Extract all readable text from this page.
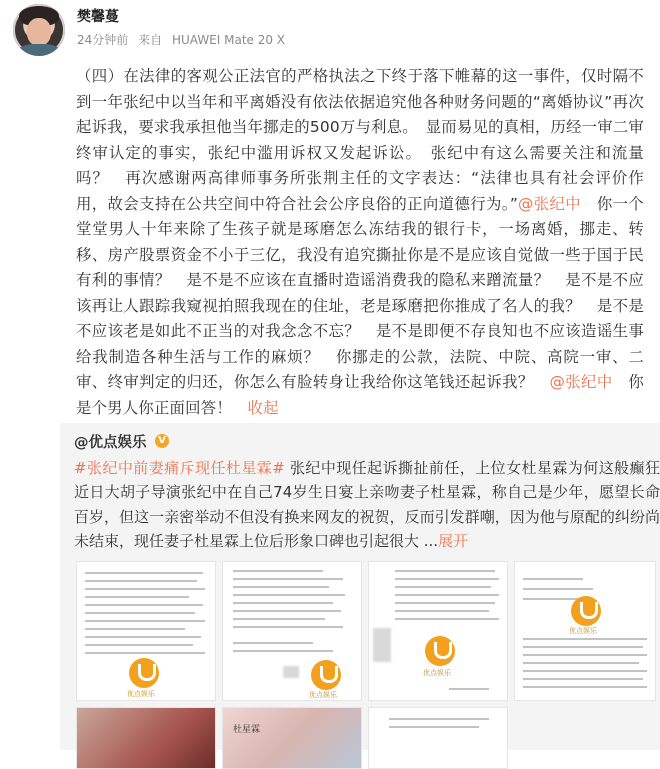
樊馨蔓
24分钟前 来自 HUAWEI Mate 20 X
（四）在法律的客观公正法官的严格执法之下终于落下帷幕的这一事件，仅时隔不到一年张纪中以当年和平离婚没有依法依据追究他各种财务问题的“离婚协议”再次起诉我，要求我承担他当年挪走的500万与利息。　显而易见的真相，历经一审二审终审认定的事实，张纪中滥用诉权又发起诉讼。　张纪中有这么需要关注和流量吗？　再次感谢两高律师事务所张荆主任的文字表达：“法律也具有社会评价作用，故会支持在公共空间中符合社会公序良俗的正向道德行为。”@张纪中　你一个堂堂男人十年来除了生孩子就是琢磨怎么冻结我的银行卡，一场离婚，挪走、转移、房产股票资金不小于三亿，我没有追究撕扯你是不是应该自觉做一些于国于民有利的事情？　是不是不应该在直播时造谣消费我的隐私来蹭流量？　是不是不应该再让人跟踪我窥视拍照我现在的住址，老是琢磨把你推成了名人的我？　是不是不应该老是如此不正当的对我念念不忘？　是不是即便不存良知也不应该造谣生事给我制造各种生活与工作的麻烦？　你挪走的公款，法院、中院、高院一审、二审、终审判定的归还，你怎么有脸转身让我给你这笔钱还起诉我？　 @张纪中　你是个男人你正面回答！　 收起
@优点娱乐	V
#张纪中前妻痛斥现任杜星霖# 张纪中现任起诉撕扯前任，上位女杜星霖为何这般癫狂 近日大胡子导演张纪中在自己74岁生日宴上亲吻妻子杜星霖，称自己是少年，愿望长命百岁，但这一亲密举动不但没有换来网友的祝贺，反而引发群嘲，因为他与原配的纠纷尚未结束，现任妻子杜星霖上位后形象口碑也引起很大 ...展开
优点娱乐	优点娱乐
优点娱乐
优点娱乐
杜星霖
